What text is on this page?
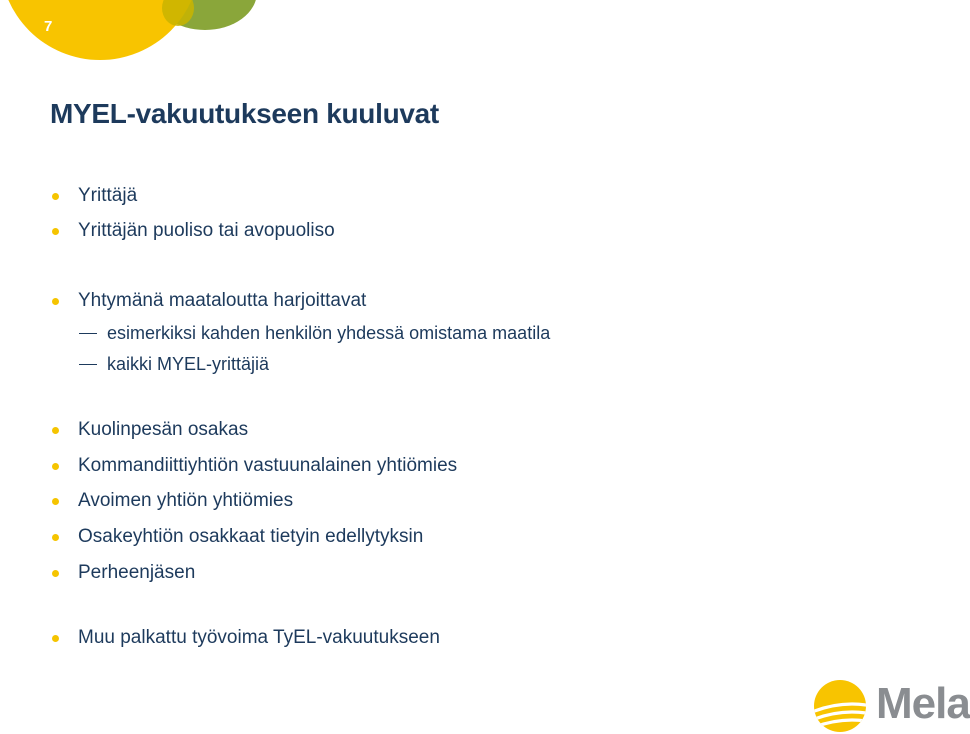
7
MYEL-vakuutukseen kuuluvat
Yrittäjä
Yrittäjän puoliso tai avopuoliso
Yhtymänä maataloutta harjoittavat
esimerkiksi kahden henkilön yhdessä omistama maatila
kaikki MYEL-yrittäjiä
Kuolinpesän osakas
Kommandiittiyhtiön vastuunalainen yhtiömies
Avoimen yhtiön yhtiömies
Osakeyhtiön osakkaat tietyin edellytyksin
Perheenjäsen
Muu palkattu työvoima TyEL-vakuutukseen
Mela
